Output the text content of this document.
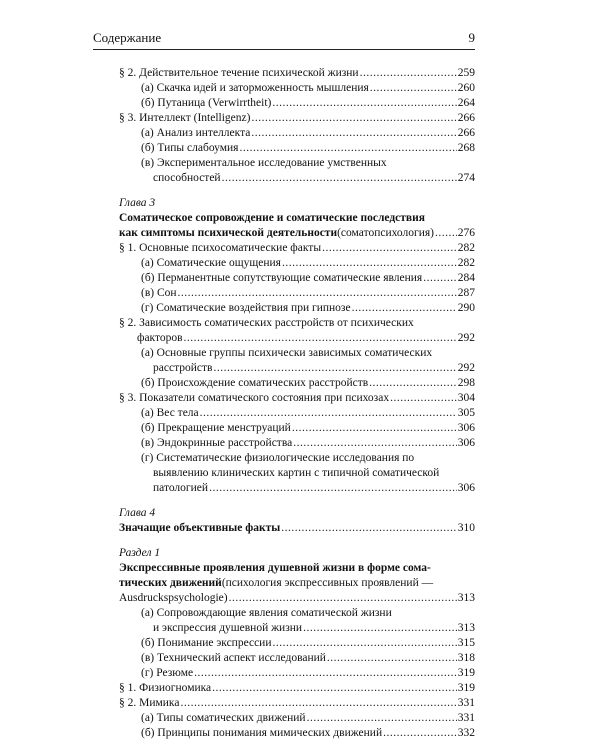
Содержание	9
§ 2. Действительное течение психической жизни .....	259
(а) Скачка идей и заторможенность мышления .....	260
(б) Путаница (Verwirrtheit) .....	264
§ 3. Интеллект (Intelligenz) .....	266
(а) Анализ интеллекта .....	266
(б) Типы слабоумия .....	268
(в) Экспериментальное исследование умственных
способностей .....	274
Глава 3
Соматическое сопровождение и соматические последствия
как симптомы психической деятельности (соматопсихология) ..... 276
§ 1. Основные психосоматические факты .....	282
(а) Соматические ощущения .....	282
(б) Перманентные сопутствующие соматические явления .....	284
(в) Сон .....	287
(г) Соматические воздействия при гипнозе .....	290
§ 2. Зависимость соматических расстройств от психических
факторов .....	292
(а) Основные группы психически зависимых соматических
расстройств .....	292
(б) Происхождение соматических расстройств .....	298
§ 3. Показатели соматического состояния при психозах .....	304
(а) Вес тела .....	305
(б) Прекращение менструаций .....	306
(в) Эндокринные расстройства .....	306
(г) Систематические физиологические исследования по
выявлению клинических картин с типичной соматической
патологией .....	306
Глава 4
Значащие объективные факты .....	310
Раздел 1
Экспрессивные проявления душевной жизни в форме сома-
тических движений (психология экспрессивных проявлений —
Ausdruckspsychologie) .....	313
(а) Сопровождающие явления соматической жизни
и экспрессия душевной жизни .....	313
(б) Понимание экспрессии .....	315
(в) Технический аспект исследований .....	318
(г) Резюме .....	319
§ 1. Физиогномика .....	319
§ 2. Мимика .....	331
(а) Типы соматических движений .....	331
(б) Принципы понимания мимических движений .....	332
